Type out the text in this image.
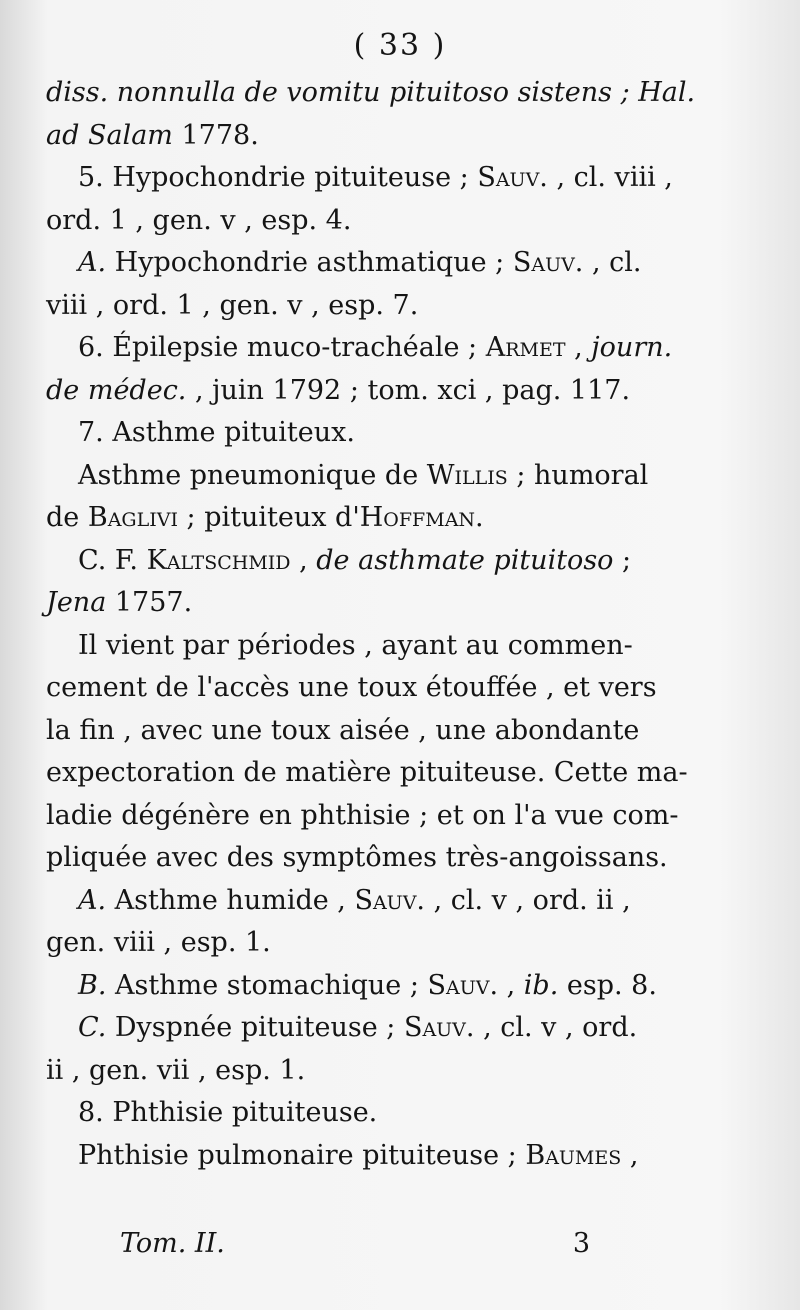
( 33 )
diss. nonnulla de vomitu pituitoso sistens ; Hal.
ad Salam 1778.
5. Hypochondrie pituiteuse ; Sauv. , cl. viii ,
ord. 1 , gen. v , esp. 4.
A. Hypochondrie asthmatique ; Sauv. , cl.
viii , ord. 1 , gen. v , esp. 7.
6. Épilepsie muco-trachéale ; Armet , journ.
de médec. , juin 1792 ; tom. xci , pag. 117.
7. Asthme pituiteux.
Asthme pneumonique de Willis ; humoral
de Baglivi ; pituiteux d'Hoffman.
C. F. Kaltschmid , de asthmate pituitoso ;
Jena 1757.
Il vient par périodes , ayant au commen-
cement de l'accès une toux étouffée , et vers
la fin , avec une toux aisée , une abondante
expectoration de matière pituiteuse. Cette ma-
ladie dégénère en phthisie ; et on l'a vue com-
pliquée avec des symptômes très-angoissans.
A. Asthme humide , Sauv. , cl. v , ord. ii ,
gen. viii , esp. 1.
B. Asthme stomachique ; Sauv. , ib. esp. 8.
C. Dyspnée pituiteuse ; Sauv. , cl. v , ord.
ii , gen. vii , esp. 1.
8. Phthisie pituiteuse.
Phthisie pulmonaire pituiteuse ; Baumes ,
Tom. II.	3
